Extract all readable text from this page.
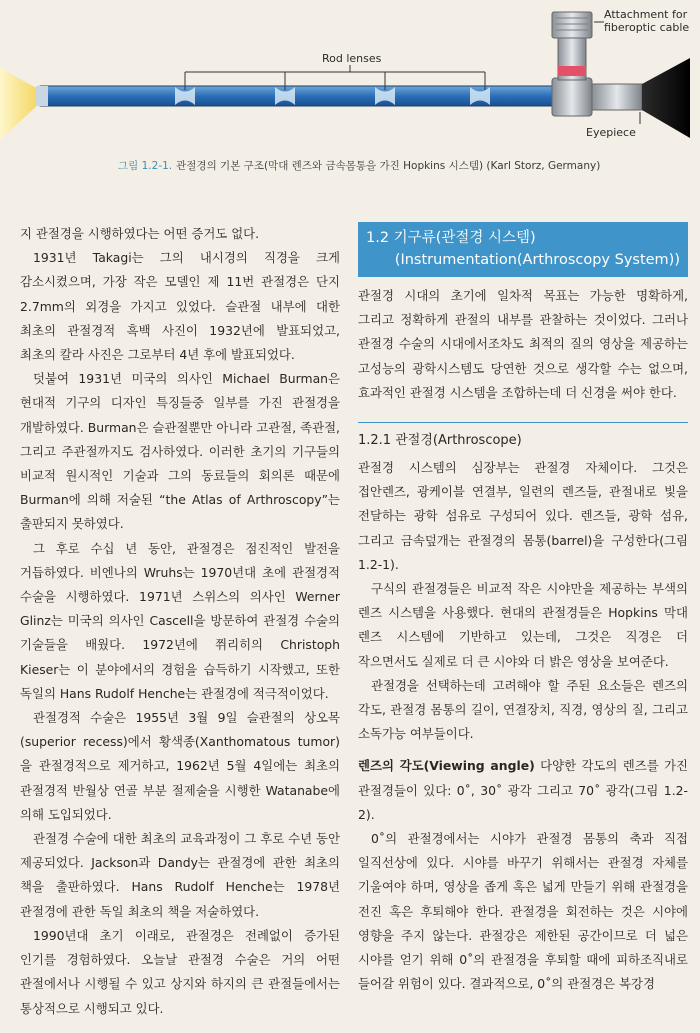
Attachment for
fiberoptic cable
Rod lenses
Eyepiece
그림 1.2-1. 관절경의 기본 구조(막대 렌즈와 금속몸통을 가진 Hopkins 시스템) (Karl Storz, Germany)

지 관절경을 시행하였다는 어떤 증거도 없다.

1931년 Takagi는 그의 내시경의 직경을 크게 감소시켰으며, 가장 작은 모델인 제 11번 관절경은 단지 2.7mm의 외경을 가지고 있었다. 슬관절 내부에 대한 최초의 관절경적 흑백 사진이 1932년에 발표되었고, 최초의 칼라 사진은 그로부터 4년 후에 발표되었다.

덧붙여 1931년 미국의 의사인 Michael Burman은 현대적 기구의 디자인 특징들중 일부를 가진 관절경을 개발하였다. Burman은 슬관절뿐만 아니라 고관절, 족관절, 그리고 주관절까지도 검사하였다. 이러한 초기의 기구들의 비교적 원시적인 기술과 그의 동료들의 회의론 때문에 Burman에 의해 저술된 “the Atlas of Arthroscopy”는 출판되지 못하였다.

그 후로 수십 년 동안, 관절경은 점진적인 발전을 거듭하였다. 비엔나의 Wruhs는 1970년대 초에 관절경적 수술을 시행하였다. 1971년 스위스의 의사인 Werner Glinz는 미국의 의사인 Cascell을 방문하여 관절경 수술의 기술들을 배웠다. 1972년에 쮜리히의 Christoph Kieser는 이 분야에서의 경험을 습득하기 시작했고, 또한 독일의 Hans Rudolf Henche는 관절경에 적극적이었다.

관절경적 수술은 1955년 3월 9일 슬관절의 상오목(superior recess)에서 황색종(Xanthomatous tumor)을 관절경적으로 제거하고, 1962년 5월 4일에는 최초의 관절경적 반월상 연골 부분 절제술을 시행한 Watanabe에 의해 도입되었다.

관절경 수술에 대한 최초의 교육과정이 그 후로 수년 동안 제공되었다. Jackson과 Dandy는 관절경에 관한 최초의 책을 출판하였다. Hans Rudolf Henche는 1978년 관절경에 관한 독일 최초의 책을 저술하였다.

1990년대 초기 이래로, 관절경은 전례없이 증가된 인기를 경험하였다. 오늘날 관절경 수술은 거의 어떤 관절에서나 시행될 수 있고 상지와 하지의 큰 관절들에서는 통상적으로 시행되고 있다.

1.2 기구류(관절경 시스템)
(Instrumentation(Arthroscopy System))

관절경 시대의 초기에 일차적 목표는 가능한 명확하게, 그리고 정확하게 관절의 내부를 관찰하는 것이었다. 그러나 관절경 수술의 시대에서조차도 최적의 질의 영상을 제공하는 고성능의 광학시스템도 당연한 것으로 생각할 수는 없으며, 효과적인 관절경 시스템을 조합하는데 더 신경을 써야 한다.

1.2.1 관절경(Arthroscope)

관절경 시스템의 심장부는 관절경 자체이다. 그것은 접안렌즈, 광케이블 연결부, 일련의 렌즈들, 관절내로 빛을 전달하는 광학 섬유로 구성되어 있다. 렌즈들, 광학 섬유, 그리고 금속덮개는 관절경의 몸통(barrel)을 구성한다(그림 1.2-1).

구식의 관절경들은 비교적 작은 시야만을 제공하는 부색의 렌즈 시스템을 사용했다. 현대의 관절경들은 Hopkins 막대 렌즈 시스템에 기반하고 있는데, 그것은 직경은 더 작으면서도 실제로 더 큰 시야와 더 밝은 영상을 보여준다.

관절경을 선택하는데 고려해야 할 주된 요소들은 렌즈의 각도, 관절경 몸통의 길이, 연결장치, 직경, 영상의 질, 그리고 소독가능 여부들이다.

렌즈의 각도(Viewing angle) 다양한 각도의 렌즈를 가진 관절경들이 있다: 0˚, 30˚ 광각 그리고 70˚ 광각(그림 1.2-2).

0˚의 관절경에서는 시야가 관절경 몸통의 축과 직접 일직선상에 있다. 시야를 바꾸기 위해서는 관절경 자체를 기울여야 하며, 영상을 좁게 혹은 넓게 만들기 위해 관절경을 전진 혹은 후퇴해야 한다. 관절경을 회전하는 것은 시야에 영향을 주지 않는다. 관절강은 제한된 공간이므로 더 넓은 시야를 얻기 위해 0˚의 관절경을 후퇴할 때에 피하조직내로 들어갈 위험이 있다. 결과적으로, 0˚의 관절경은 복강경
